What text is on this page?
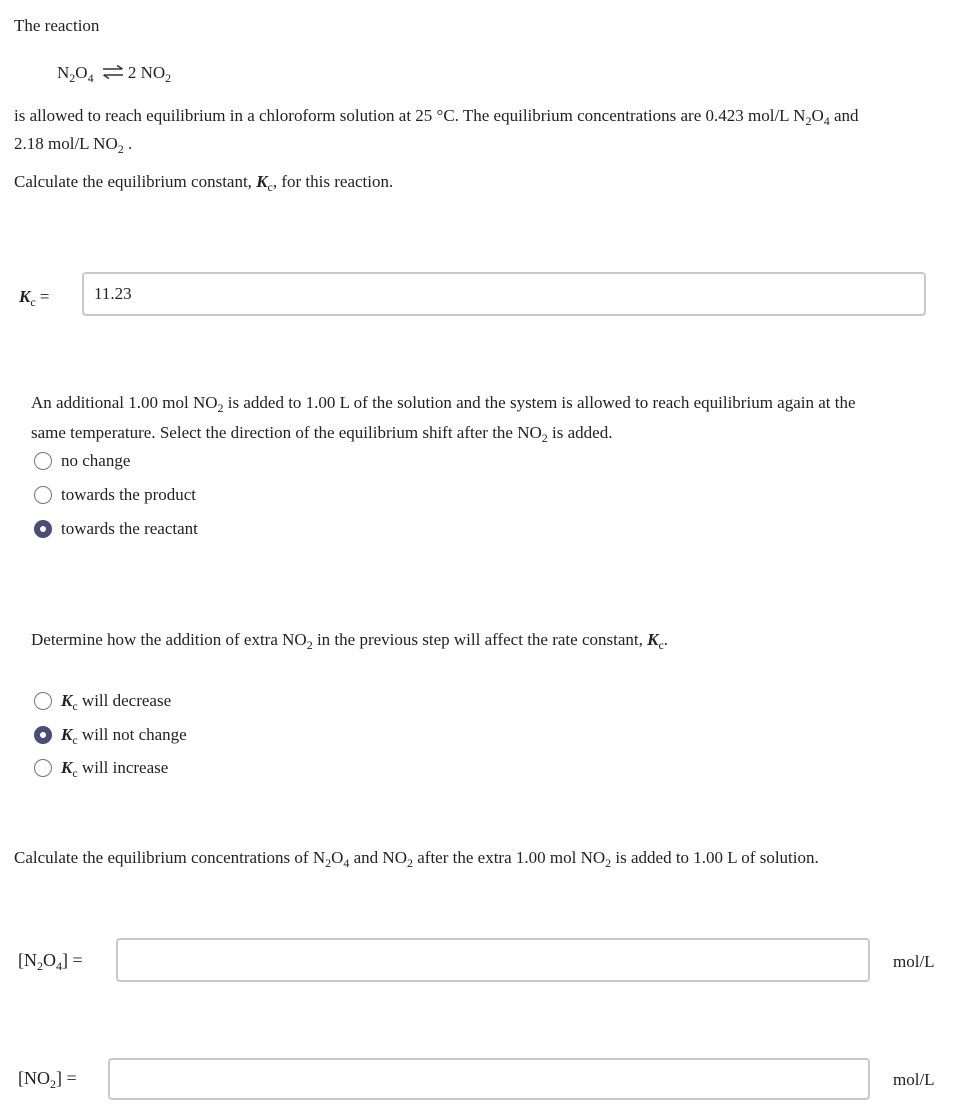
The reaction
$N_2O_4$ ⇌ 2 $NO_2$
is allowed to reach equilibrium in a chloroform solution at 25 °C. The equilibrium concentrations are 0.423 mol/L $N_2O_4$ and
2.18 mol/L $NO_2$ .
Calculate the equilibrium constant, $K_c$, for this reaction.
$K_c$ =
11.23
An additional 1.00 mol $NO_2$ is added to 1.00 L of the solution and the system is allowed to reach equilibrium again at the
same temperature. Select the direction of the equilibrium shift after the $NO_2$ is added.
no change
towards the product
towards the reactant
Determine how the addition of extra $NO_2$ in the previous step will affect the rate constant, $K_c$.
$K_c$ will decrease
$K_c$ will not change
$K_c$ will increase
Calculate the equilibrium concentrations of $N_2O_4$ and $NO_2$ after the extra 1.00 mol $NO_2$ is added to 1.00 L of solution.
$[N_2O_4]$ =	mol/L
$[NO_2]$ =	mol/L
